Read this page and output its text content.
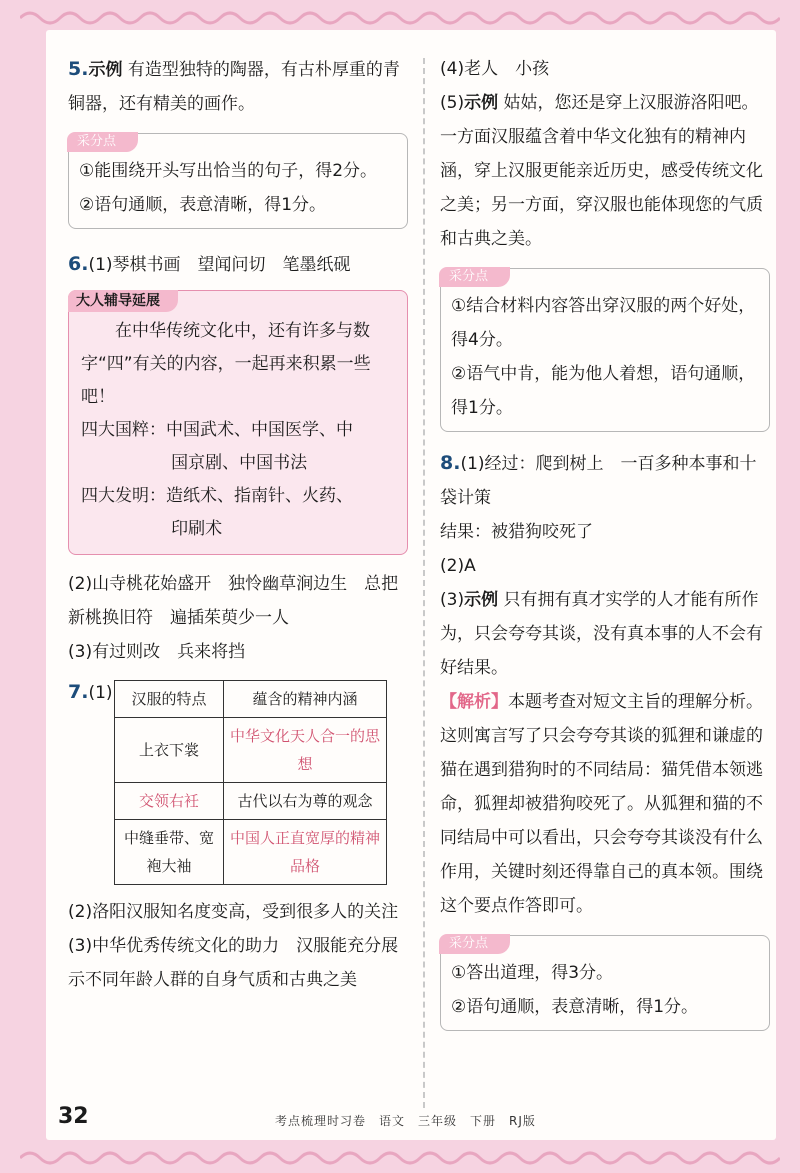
5.示例 有造型独特的陶器，有古朴厚重的青铜器，还有精美的画作。

采分点

①能围绕开头写出恰当的句子，得2分。

②语句通顺，表意清晰，得1分。

6.(1)琴棋书画　望闻问切　笔墨纸砚

大人辅导延展

在中华传统文化中，还有许多与数字“四”有关的内容，一起再来积累一些吧！

四大国粹：中国武术、中国医学、中

国京剧、中国书法

四大发明：造纸术、指南针、火药、

印刷术

(2)山寺桃花始盛开　独怜幽草涧边生　总把新桃换旧符　遍插茱萸少一人

(3)有过则改　兵来将挡

7.(1)	汉服的特点	蕴含的精神内涵
上衣下裳	中华文化天人合一的思想
交领右衽	古代以右为尊的观念
中缝垂带、宽袍大袖	中国人正直宽厚的精神品格

(2)洛阳汉服知名度变高，受到很多人的关注

(3)中华优秀传统文化的助力　汉服能充分展示不同年龄人群的自身气质和古典之美

(4)老人　小孩

(5)示例 姑姑，您还是穿上汉服游洛阳吧。一方面汉服蕴含着中华文化独有的精神内涵，穿上汉服更能亲近历史，感受传统文化之美；另一方面，穿汉服也能体现您的气质和古典之美。

采分点

①结合材料内容答出穿汉服的两个好处，得4分。

②语气中肯，能为他人着想，语句通顺，得1分。

8.(1)经过：爬到树上　一百多种本事和十袋计策

结果：被猎狗咬死了

(2)A

(3)示例 只有拥有真才实学的人才能有所作为，只会夸夸其谈，没有真本事的人不会有好结果。

【解析】本题考查对短文主旨的理解分析。这则寓言写了只会夸夸其谈的狐狸和谦虚的猫在遇到猎狗时的不同结局：猫凭借本领逃命，狐狸却被猎狗咬死了。从狐狸和猫的不同结局中可以看出，只会夸夸其谈没有什么作用，关键时刻还得靠自己的真本领。围绕这个要点作答即可。

采分点

①答出道理，得3分。

②语句通顺，表意清晰，得1分。

32	考点梳理时习卷　语文　三年级　下册　RJ版
